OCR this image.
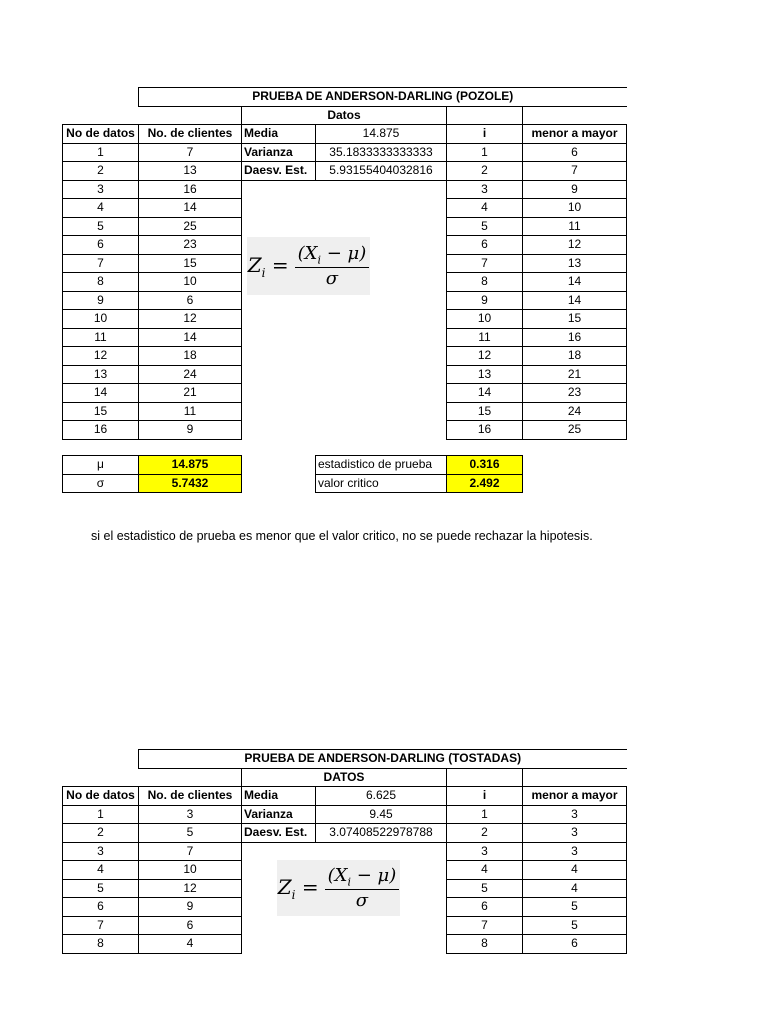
	PRUEBA DE ANDERSON-DARLING (POZOLE)				
		Datos			
No de datos	No. de clientes	Media	14.875	i	menor a mayor
1	7	Varianza	35.1833333333333	1	6
2	13	Daesv. Est.	5.93155404032816	2	7
3	16			3	9
4	14			4	10
5	25			5	11
6	23			6	12
7	15			7	13
8	10			8	14
9	6			9	14
10	12			10	15
11	14			11	16
12	18			12	18
13	24			13	21
14	21			14	23
15	11			15	24
16	9			16	25
$Z_i = \frac{(X_i - \mu)}{\sigma}$
μ	14.875
σ	5.7432
estadistico de prueba	0.316
valor critico	2.492
si el estadistico de prueba es menor que el valor critico, no se puede rechazar la hipotesis.
	PRUEBA DE ANDERSON-DARLING (TOSTADAS)				
		DATOS			
No de datos	No. de clientes	Media	6.625	i	menor a mayor
1	3	Varianza	9.45	1	3
2	5	Daesv. Est.	3.07408522978788	2	3
3	7			3	3
4	10			4	4
5	12			5	4
6	9			6	5
7	6			7	5
8	4			8	6
$Z_i = \frac{(X_i - \mu)}{\sigma}$
